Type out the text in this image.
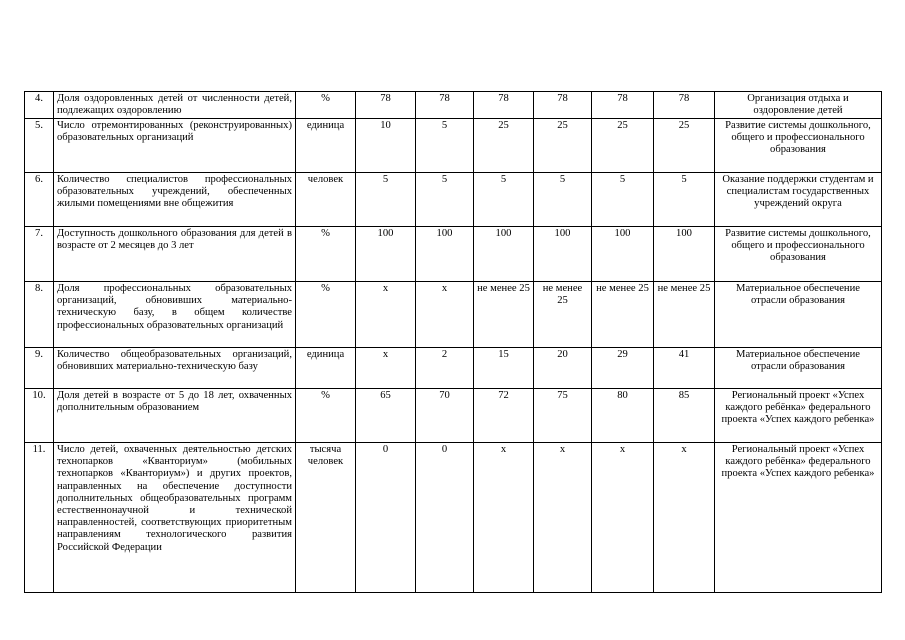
4.	Доля оздоровленных детей от численности детей, подлежащих оздоровлению	%	78	78	78	78	78	78	Организация отдыха и оздоровление детей
5.	Число отремонтированных (реконструированных) образовательных организаций	единица	10	5	25	25	25	25	Развитие системы дошкольного, общего и профессионального образования
6.	Количество специалистов профессиональных образовательных учреждений, обеспеченных жилыми помещениями вне общежития	человек	5	5	5	5	5	5	Оказание поддержки студентам и специалистам государственных учреждений округа
7.	Доступность дошкольного образования для детей в возрасте от 2 месяцев до 3 лет	%	100	100	100	100	100	100	Развитие системы дошкольного, общего и профессионального образования
8.	Доля профессиональных образовательных организаций, обновивших материально-техническую базу, в общем количестве профессиональных образовательных организаций	%	х	х	не менее 25	не менее 25	не менее 25	не менее 25	Материальное обеспечение отрасли образования
9.	Количество общеобразовательных организаций, обновивших материально-техническую базу	единица	х	2	15	20	29	41	Материальное обеспечение отрасли образования
10.	Доля детей в возрасте от 5 до 18 лет, охваченных дополнительным образованием	%	65	70	72	75	80	85	Региональный проект «Успех каждого ребёнка» федерального проекта «Успех каждого ребенка»
11.	Число детей, охваченных деятельностью детских технопарков «Кванториум» (мобильных технопарков «Кванториум») и других проектов, направленных на обеспечение доступности дополнительных общеобразовательных программ естественнонаучной и технической направленностей, соответствующих приоритетным направлениям технологического развития Российской Федерации	тысяча человек	0	0	х	х	х	х	Региональный проект «Успех каждого ребёнка» федерального проекта «Успех каждого ребенка»
